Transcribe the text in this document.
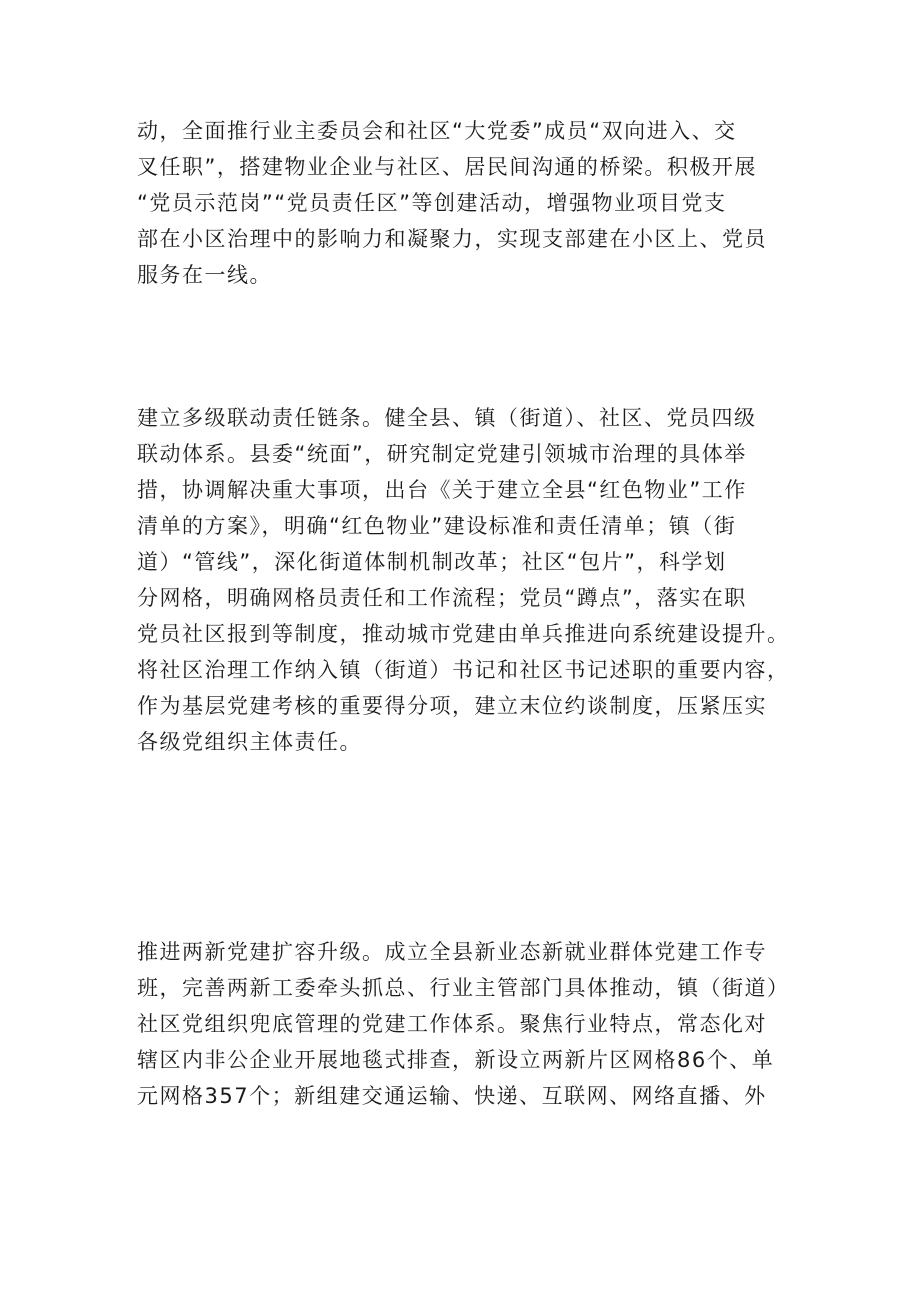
动，全面推行业主委员会和社区“大党委”成员“双向进入、交
叉任职”，搭建物业企业与社区、居民间沟通的桥梁。积极开展
“党员示范岗”“党员责任区”等创建活动，增强物业项目党支
部在小区治理中的影响力和凝聚力，实现支部建在小区上、党员
服务在一线。
建立多级联动责任链条。健全县、镇（街道）、社区、党员四级
联动体系。县委“统面”，研究制定党建引领城市治理的具体举
措，协调解决重大事项，出台《关于建立全县“红色物业”工作
清单的方案》，明确“红色物业”建设标准和责任清单；镇（街
道）“管线”，深化街道体制机制改革；社区“包片”，科学划
分网格，明确网格员责任和工作流程；党员“蹲点”，落实在职
党员社区报到等制度，推动城市党建由单兵推进向系统建设提升。
将社区治理工作纳入镇（街道）书记和社区书记述职的重要内容，
作为基层党建考核的重要得分项，建立末位约谈制度，压紧压实
各级党组织主体责任。
推进两新党建扩容升级。成立全县新业态新就业群体党建工作专
班，完善两新工委牵头抓总、行业主管部门具体推动，镇（街道）
社区党组织兜底管理的党建工作体系。聚焦行业特点，常态化对
辖区内非公企业开展地毯式排查，新设立两新片区网格86个、单
元网格357个；新组建交通运输、快递、互联网、网络直播、外
